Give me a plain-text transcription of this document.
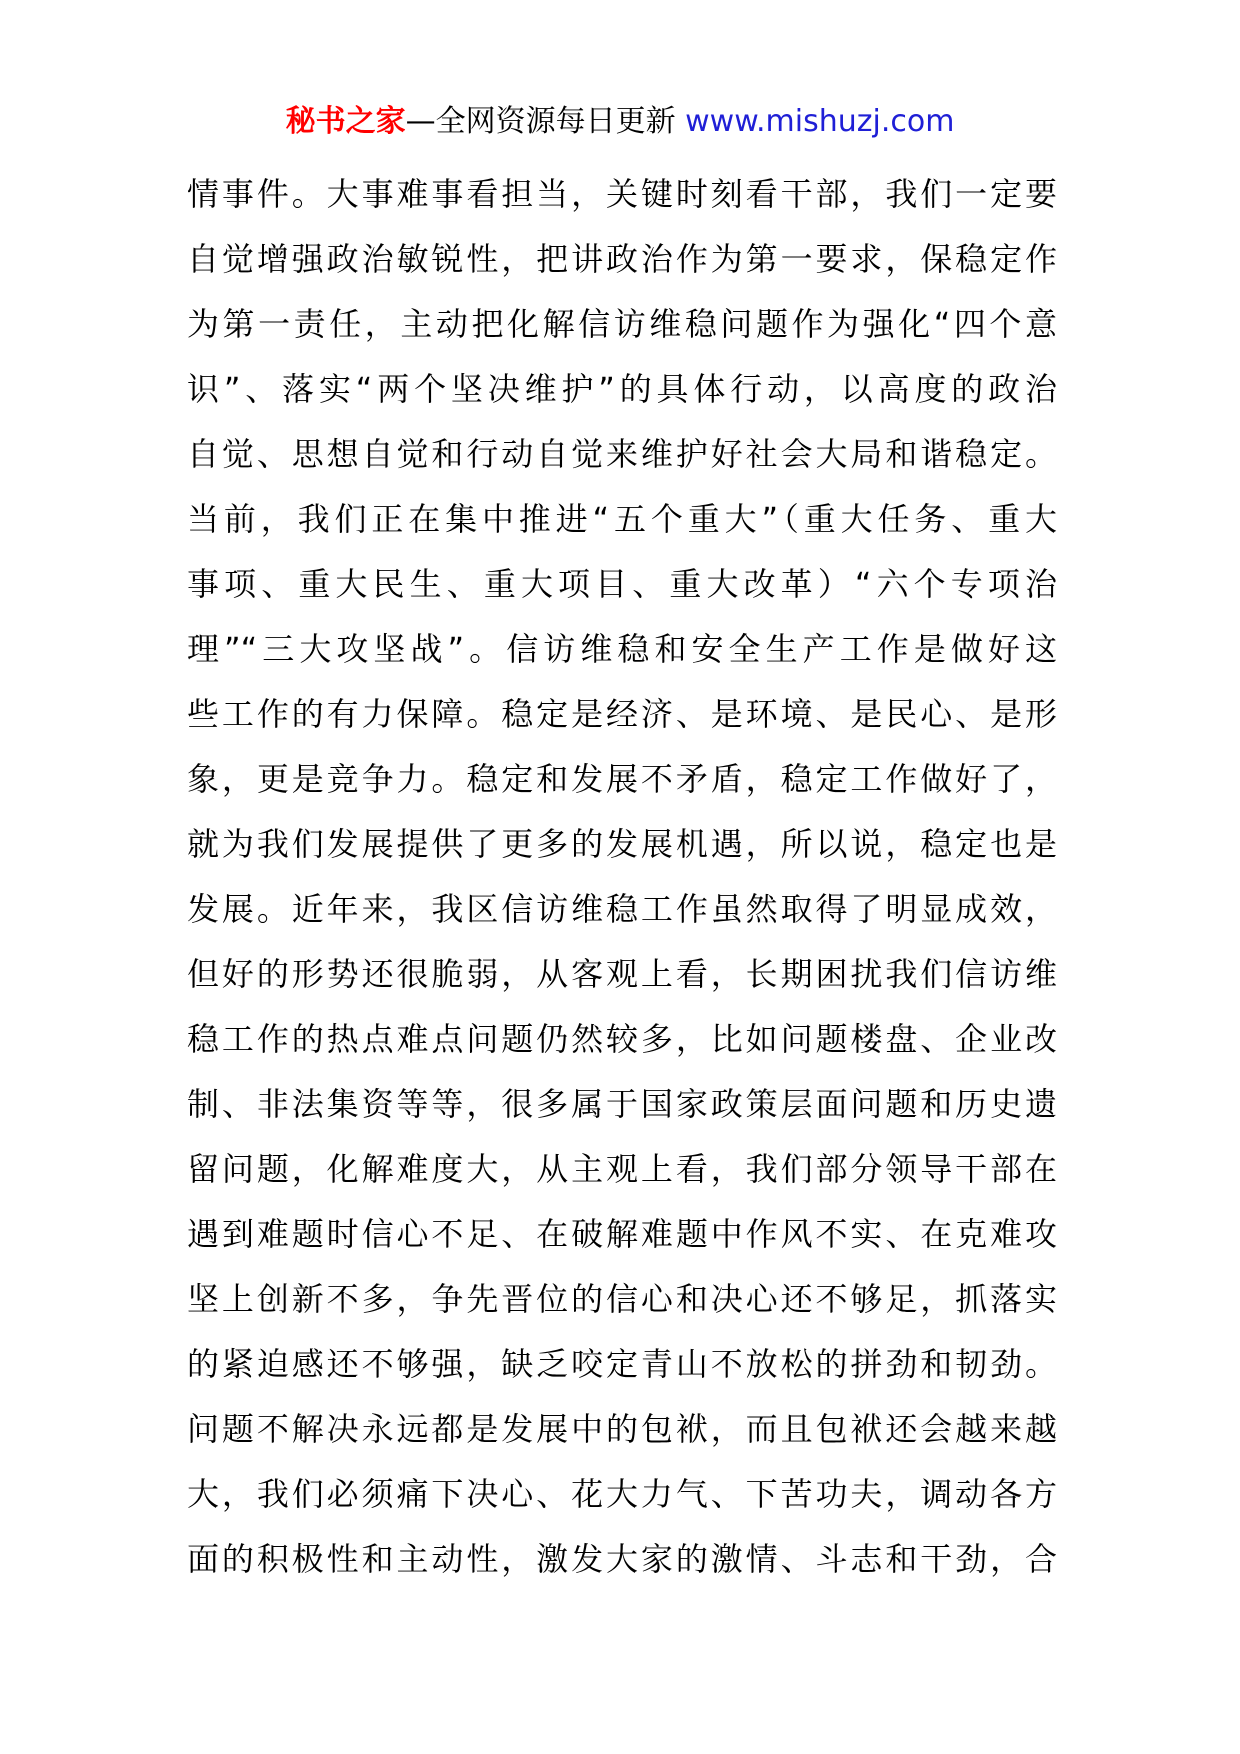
秘书之家—全网资源每日更新 www.mishuzj.com
情事件。大事难事看担当，关键时刻看干部，我们一定要
自觉增强政治敏锐性，把讲政治作为第一要求，保稳定作
为第一责任，主动把化解信访维稳问题作为强化“四个意
识”、落实“两个坚决维护”的具体行动，以高度的政治
自觉、思想自觉和行动自觉来维护好社会大局和谐稳定。
当前，我们正在集中推进“五个重大”（重大任务、重大
事项、重大民生、重大项目、重大改革）“六个专项治
理”“三大攻坚战”。信访维稳和安全生产工作是做好这
些工作的有力保障。稳定是经济、是环境、是民心、是形
象，更是竞争力。稳定和发展不矛盾，稳定工作做好了，
就为我们发展提供了更多的发展机遇，所以说，稳定也是
发展。近年来，我区信访维稳工作虽然取得了明显成效，
但好的形势还很脆弱，从客观上看，长期困扰我们信访维
稳工作的热点难点问题仍然较多，比如问题楼盘、企业改
制、非法集资等等，很多属于国家政策层面问题和历史遗
留问题，化解难度大，从主观上看，我们部分领导干部在
遇到难题时信心不足、在破解难题中作风不实、在克难攻
坚上创新不多，争先晋位的信心和决心还不够足，抓落实
的紧迫感还不够强，缺乏咬定青山不放松的拼劲和韧劲。
问题不解决永远都是发展中的包袱，而且包袱还会越来越
大，我们必须痛下决心、花大力气、下苦功夫，调动各方
面的积极性和主动性，激发大家的激情、斗志和干劲，合
